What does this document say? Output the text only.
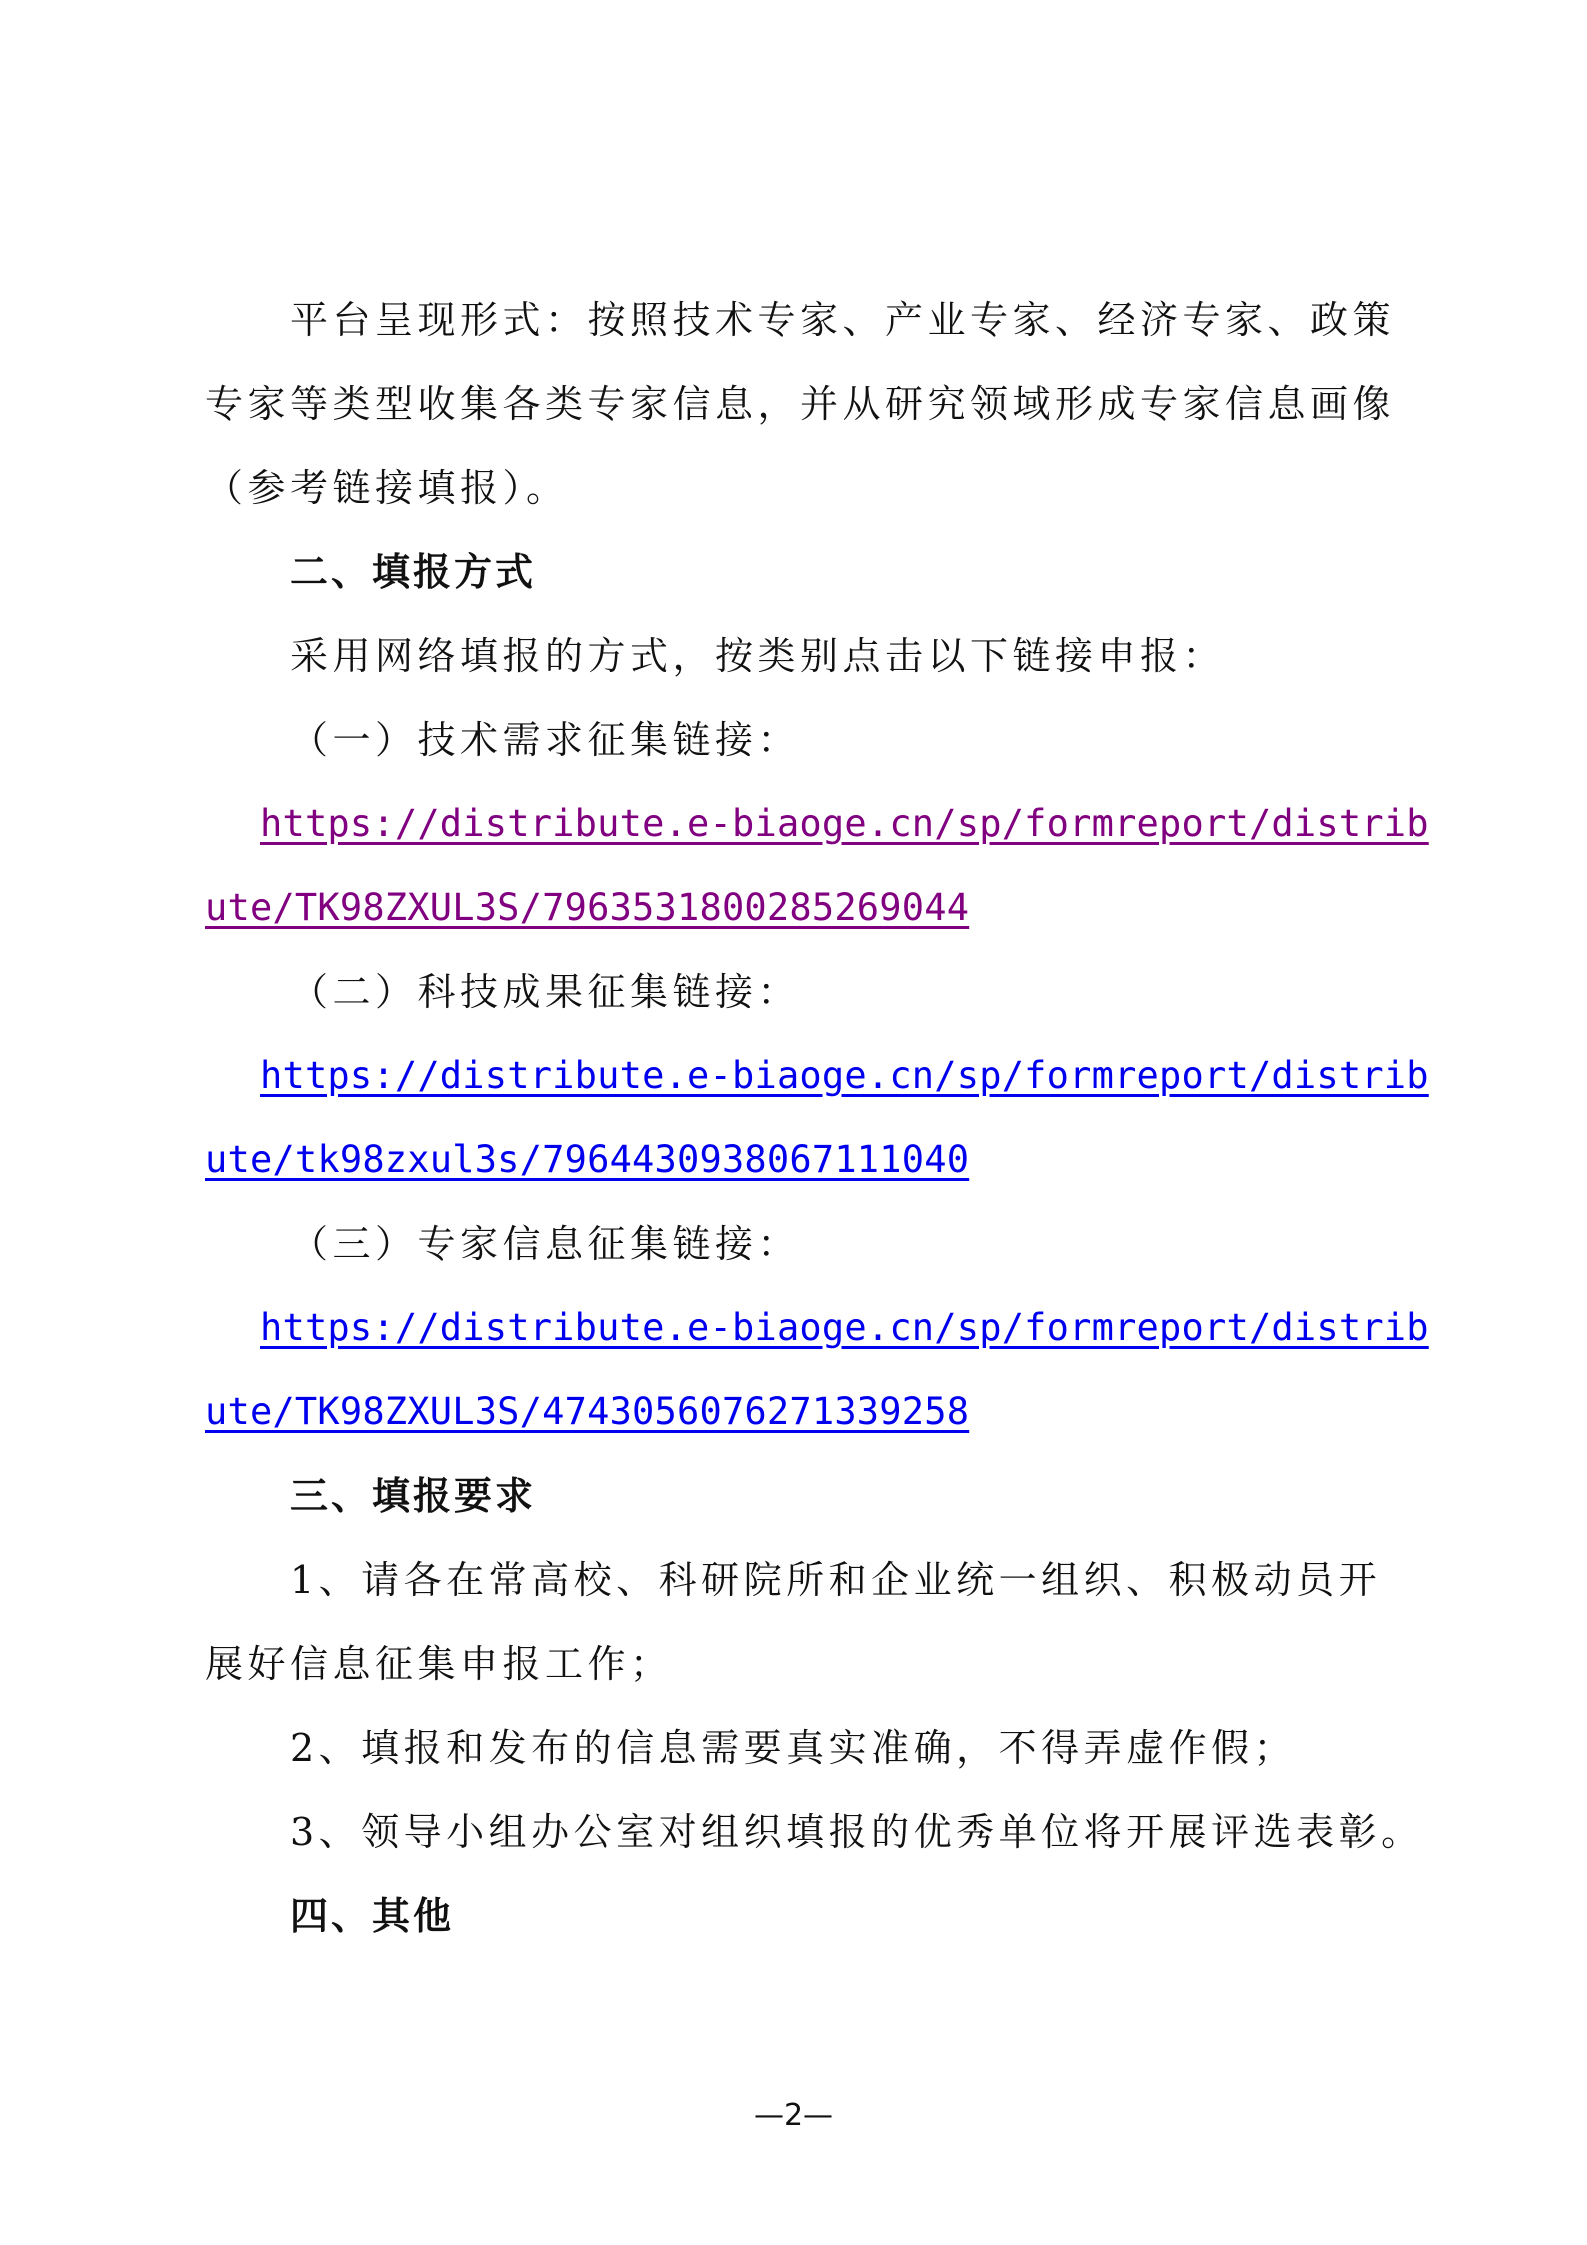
平台呈现形式：按照技术专家、产业专家、经济专家、政策
专家等类型收集各类专家信息，并从研究领域形成专家信息画像
（参考链接填报）。
二、填报方式
采用网络填报的方式，按类别点击以下链接申报：
（一）技术需求征集链接：
https://distribute.e-biaoge.cn/sp/formreport/distrib
ute/TK98ZXUL3S/7963531800285269044
（二）科技成果征集链接：
https://distribute.e-biaoge.cn/sp/formreport/distrib
ute/tk98zxul3s/7964430938067111040
（三）专家信息征集链接：
https://distribute.e-biaoge.cn/sp/formreport/distrib
ute/TK98ZXUL3S/4743056076271339258
三、填报要求
1、请各在常高校、科研院所和企业统一组织、积极动员开
展好信息征集申报工作；
2、填报和发布的信息需要真实准确，不得弄虚作假；
3、领导小组办公室对组织填报的优秀单位将开展评选表彰。
四、其他
—2—
